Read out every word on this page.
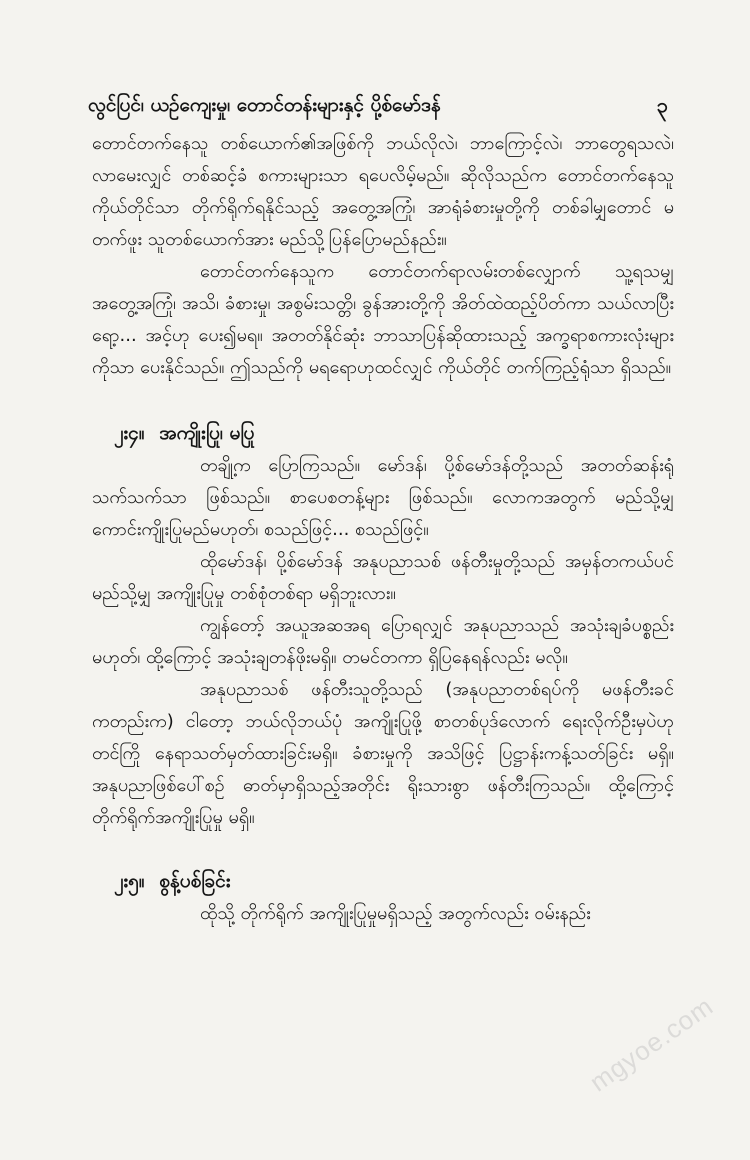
လွင်ပြင်၊ ယဉ်ကျေးမှု၊ တောင်တန်းများနှင့် ပို့စ်မော်ဒန်	၃

တောင်တက်နေသူ တစ်ယောက်၏အဖြစ်ကို ဘယ်လိုလဲ၊ ဘာကြောင့်လဲ၊ ဘာတွေရသလဲ၊ လာမေးလျှင် တစ်ဆင့်ခံ စကားများသာ ရပေလိမ့်မည်။ ဆိုလိုသည်က တောင်တက်နေသူကိုယ်တိုင်သာ တိုက်ရိုက်ရနိုင်သည့် အတွေ့အကြုံ၊ အာရုံခံစားမှုတို့ကို တစ်ခါမျှတောင် မတက်ဖူး သူတစ်ယောက်အား မည်သို့ပြန်ပြောမည်နည်း။

တောင်တက်နေသူက တောင်တက်ရာလမ်းတစ်လျှောက် သူ့ရသမျှ အတွေ့အကြုံ၊ အသိ၊ ခံစားမှု၊ အစွမ်းသတ္တိ၊ ခွန်အားတို့ကို အိတ်ထဲထည့်ပိတ်ကာ သယ်လာပြီး ရော့... အင့်ဟု ပေး၍မရ။ အတတ်နိုင်ဆုံး ဘာသာပြန်ဆိုထားသည့် အက္ခရာစကားလုံးများကိုသာ ပေးနိုင်သည်။ ဤသည်ကို မရရောဟုထင်လျှင် ကိုယ်တိုင် တက်ကြည့်ရုံသာ ရှိသည်။

၂း၄။ အကျိုးပြု၊ မပြု

တချို့က ပြောကြသည်။ မော်ဒန်၊ ပို့စ်မော်ဒန်တို့သည် အတတ်ဆန်းရုံ သက်သက်သာ ဖြစ်သည်။ စာပေစတန့်များ ဖြစ်သည်။ လောကအတွက် မည်သို့မျှ ကောင်းကျိုးပြုမည်မဟုတ်၊ စသည်ဖြင့်... စသည်ဖြင့်။

ထိုမော်ဒန်၊ ပို့စ်မော်ဒန် အနုပညာသစ် ဖန်တီးမှုတို့သည် အမှန်တကယ်ပင် မည်သို့မျှ အကျိုးပြုမှု တစ်စုံတစ်ရာ မရှိဘူးလား။

ကျွန်တော့် အယူအဆအရ ပြောရလျှင် အနုပညာသည် အသုံးချခံပစ္စည်းမဟုတ်၊ ထို့ကြောင့် အသုံးချတန်ဖိုးမရှိ။ တမင်တကာ ရှိပြနေရန်လည်း မလို။

အနုပညာသစ် ဖန်တီးသူတို့သည် (အနုပညာတစ်ရပ်ကို မဖန်တီးခင်ကတည်းက) ငါတော့ ဘယ်လိုဘယ်ပုံ အကျိုးပြုဖို့ စာတစ်ပုဒ်လောက် ရေးလိုက်ဦးမှပဲဟု တင်ကြို နေရာသတ်မှတ်ထားခြင်းမရှိ။ ခံစားမှုကို အသိဖြင့် ပြဋ္ဌာန်းကန့်သတ်ခြင်း မရှိ။ အနုပညာဖြစ်ပေါ်စဉ် ဓာတ်မှာရှိသည့်အတိုင်း ရိုးသားစွာ ဖန်တီးကြသည်။ ထို့ကြောင့် တိုက်ရိုက်အကျိုးပြုမှု မရှိ။

၂း၅။ စွန့်ပစ်ခြင်း

ထိုသို့ တိုက်ရိုက် အကျိုးပြုမှုမရှိသည့် အတွက်လည်း ဝမ်းနည်း

mgyoe.com
